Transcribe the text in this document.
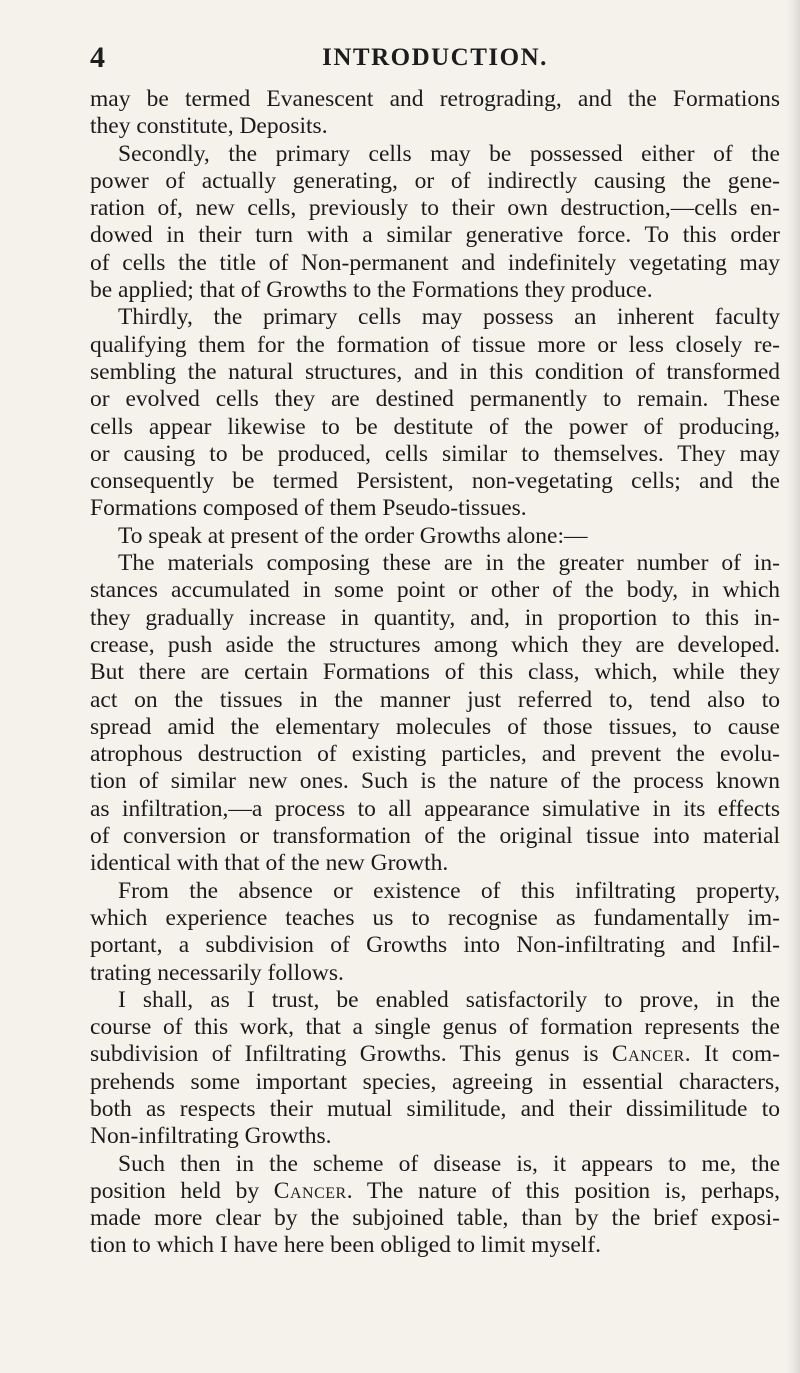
4	INTRODUCTION.
may be termed Evanescent and retrograding, and the Formations
they constitute, Deposits.
Secondly, the primary cells may be possessed either of the
power of actually generating, or of indirectly causing the gene-
ration of, new cells, previously to their own destruction,—cells en-
dowed in their turn with a similar generative force. To this order
of cells the title of Non-permanent and indefinitely vegetating may
be applied; that of Growths to the Formations they produce.
Thirdly, the primary cells may possess an inherent faculty
qualifying them for the formation of tissue more or less closely re-
sembling the natural structures, and in this condition of transformed
or evolved cells they are destined permanently to remain. These
cells appear likewise to be destitute of the power of producing,
or causing to be produced, cells similar to themselves. They may
consequently be termed Persistent, non-vegetating cells; and the
Formations composed of them Pseudo-tissues.
To speak at present of the order Growths alone:—
The materials composing these are in the greater number of in-
stances accumulated in some point or other of the body, in which
they gradually increase in quantity, and, in proportion to this in-
crease, push aside the structures among which they are developed.
But there are certain Formations of this class, which, while they
act on the tissues in the manner just referred to, tend also to
spread amid the elementary molecules of those tissues, to cause
atrophous destruction of existing particles, and prevent the evolu-
tion of similar new ones. Such is the nature of the process known
as infiltration,—a process to all appearance simulative in its effects
of conversion or transformation of the original tissue into material
identical with that of the new Growth.
From the absence or existence of this infiltrating property,
which experience teaches us to recognise as fundamentally im-
portant, a subdivision of Growths into Non-infiltrating and Infil-
trating necessarily follows.
I shall, as I trust, be enabled satisfactorily to prove, in the
course of this work, that a single genus of formation represents the
subdivision of Infiltrating Growths. This genus is Cancer. It com-
prehends some important species, agreeing in essential characters,
both as respects their mutual similitude, and their dissimilitude to
Non-infiltrating Growths.
Such then in the scheme of disease is, it appears to me, the
position held by Cancer. The nature of this position is, perhaps,
made more clear by the subjoined table, than by the brief exposi-
tion to which I have here been obliged to limit myself.
